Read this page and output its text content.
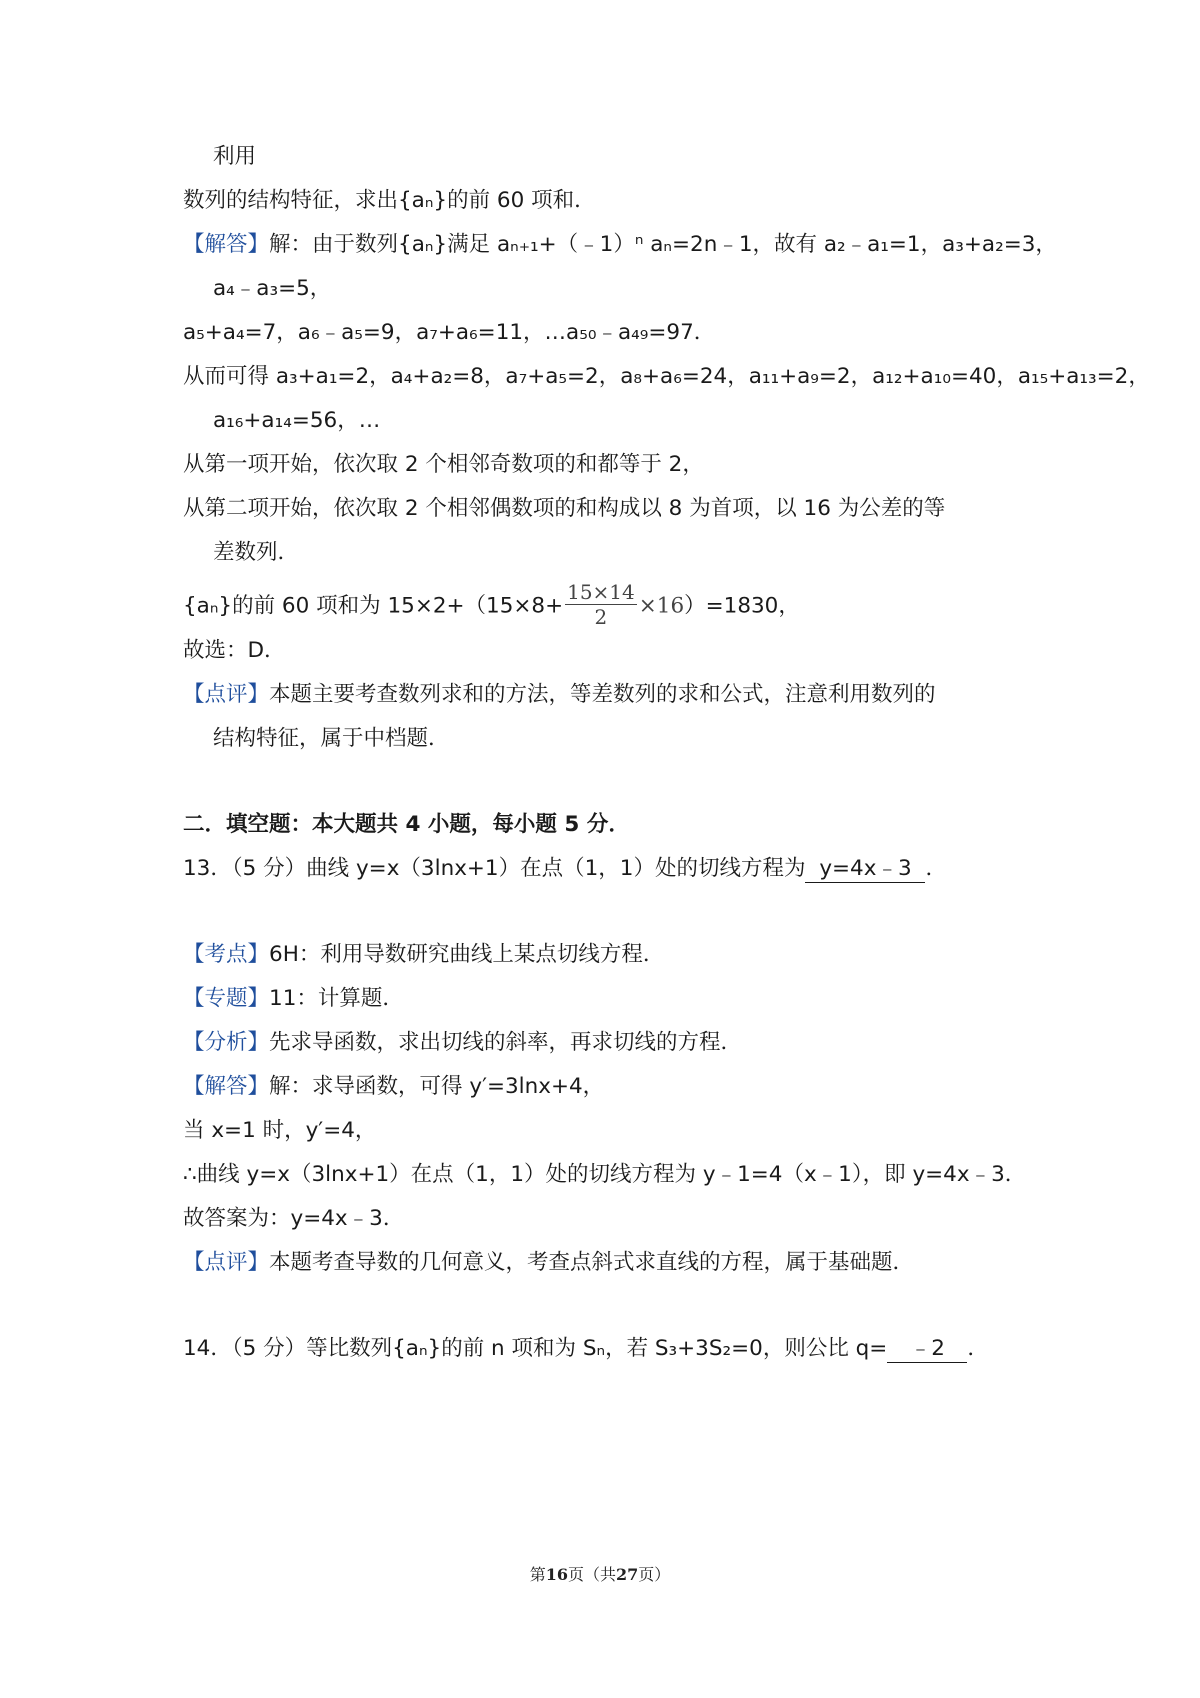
利用

数列的结构特征，求出{aₙ}的前 60 项和．

【解答】解：由于数列{aₙ}满足 aₙ₊₁+（﹣1）ⁿ aₙ=2n﹣1，故有 a₂﹣a₁=1，a₃+a₂=3，

a₄﹣a₃=5，

a₅+a₄=7，a₆﹣a₅=9，a₇+a₆=11，…a₅₀﹣a₄₉=97．

从而可得 a₃+a₁=2，a₄+a₂=8，a₇+a₅=2，a₈+a₆=24，a₁₁+a₉=2，a₁₂+a₁₀=40，a₁₅+a₁₃=2，

a₁₆+a₁₄=56，…

从第一项开始，依次取 2 个相邻奇数项的和都等于 2，

从第二项开始，依次取 2 个相邻偶数项的和构成以 8 为首项，以 16 为公差的等

差数列．

{aₙ}的前 60 项和为 $15\times 2+(15\times 8+ \frac{15\times 14}{2} \times 16)=1830$，

故选：D．

【点评】本题主要考查数列求和的方法，等差数列的求和公式，注意利用数列的

结构特征，属于中档题．

二．填空题：本大题共 4 小题，每小题 5 分．

13．（5 分）曲线 y=x（3lnx+1）在点（1，1）处的切线方程为 y=4x﹣3 ．

【考点】6H：利用导数研究曲线上某点切线方程．

【专题】11：计算题．

【分析】先求导函数，求出切线的斜率，再求切线的方程．

【解答】解：求导函数，可得 y′=3lnx+4，

当 x=1 时，y′=4，

∴曲线 y=x（3lnx+1）在点（1，1）处的切线方程为 y﹣1=4（x﹣1），即 y=4x﹣3．

故答案为：y=4x﹣3．

【点评】本题考查导数的几何意义，考查点斜式求直线的方程，属于基础题．

14．（5 分）等比数列{aₙ}的前 n 项和为 Sₙ，若 S₃+3S₂=0，则公比 q= ﹣2 ．

第16页（共27页）
